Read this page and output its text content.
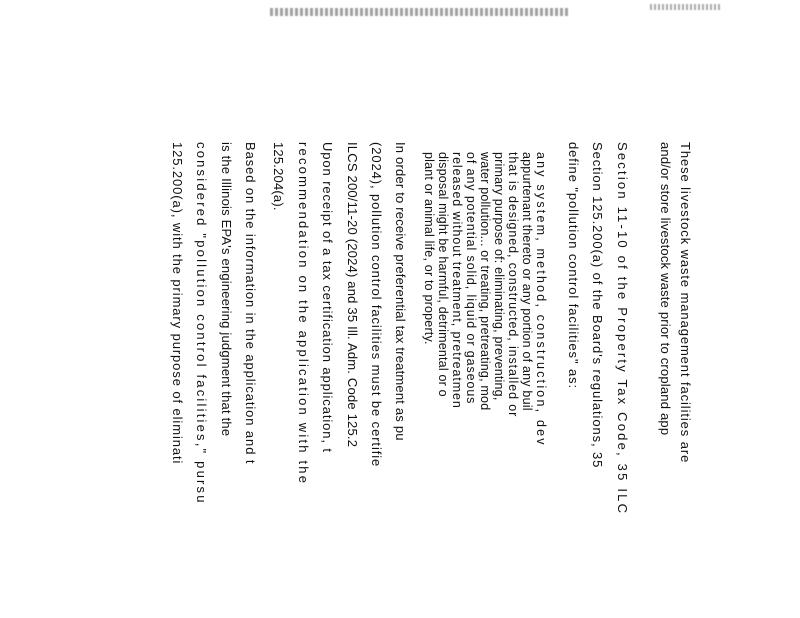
These livestock waste management facilities are
and/or store livestock waste prior to cropland app
Section 11-10 of the Property Tax Code, 35 ILC
Section 125.200(a) of the Board's regulations, 35
define "pollution control facilities" as:
any system, method, construction, dev
appurtenant thereto or any portion of any buil
that is designed, constructed, installed or
primary purpose of: eliminating, preventing,
water pollution... or treating, pretreating, mod
of any potential solid, liquid or gaseous
released without treatment, pretreatmen
disposal might be harmful, detrimental or o
plant or animal life, or to property.
In order to receive preferential tax treatment as pu
(2024), pollution control facilities must be certifie
ILCS 200/11-20 (2024) and 35 Ill. Adm. Code 125.2
Upon receipt of a tax certification application, t
recommendation on the application with the
125.204(a).
Based on the information in the application and t
is the Illinois EPA's engineering judgment that the
considered "pollution control facilities," pursu
125.200(a), with the primary purpose of eliminati
